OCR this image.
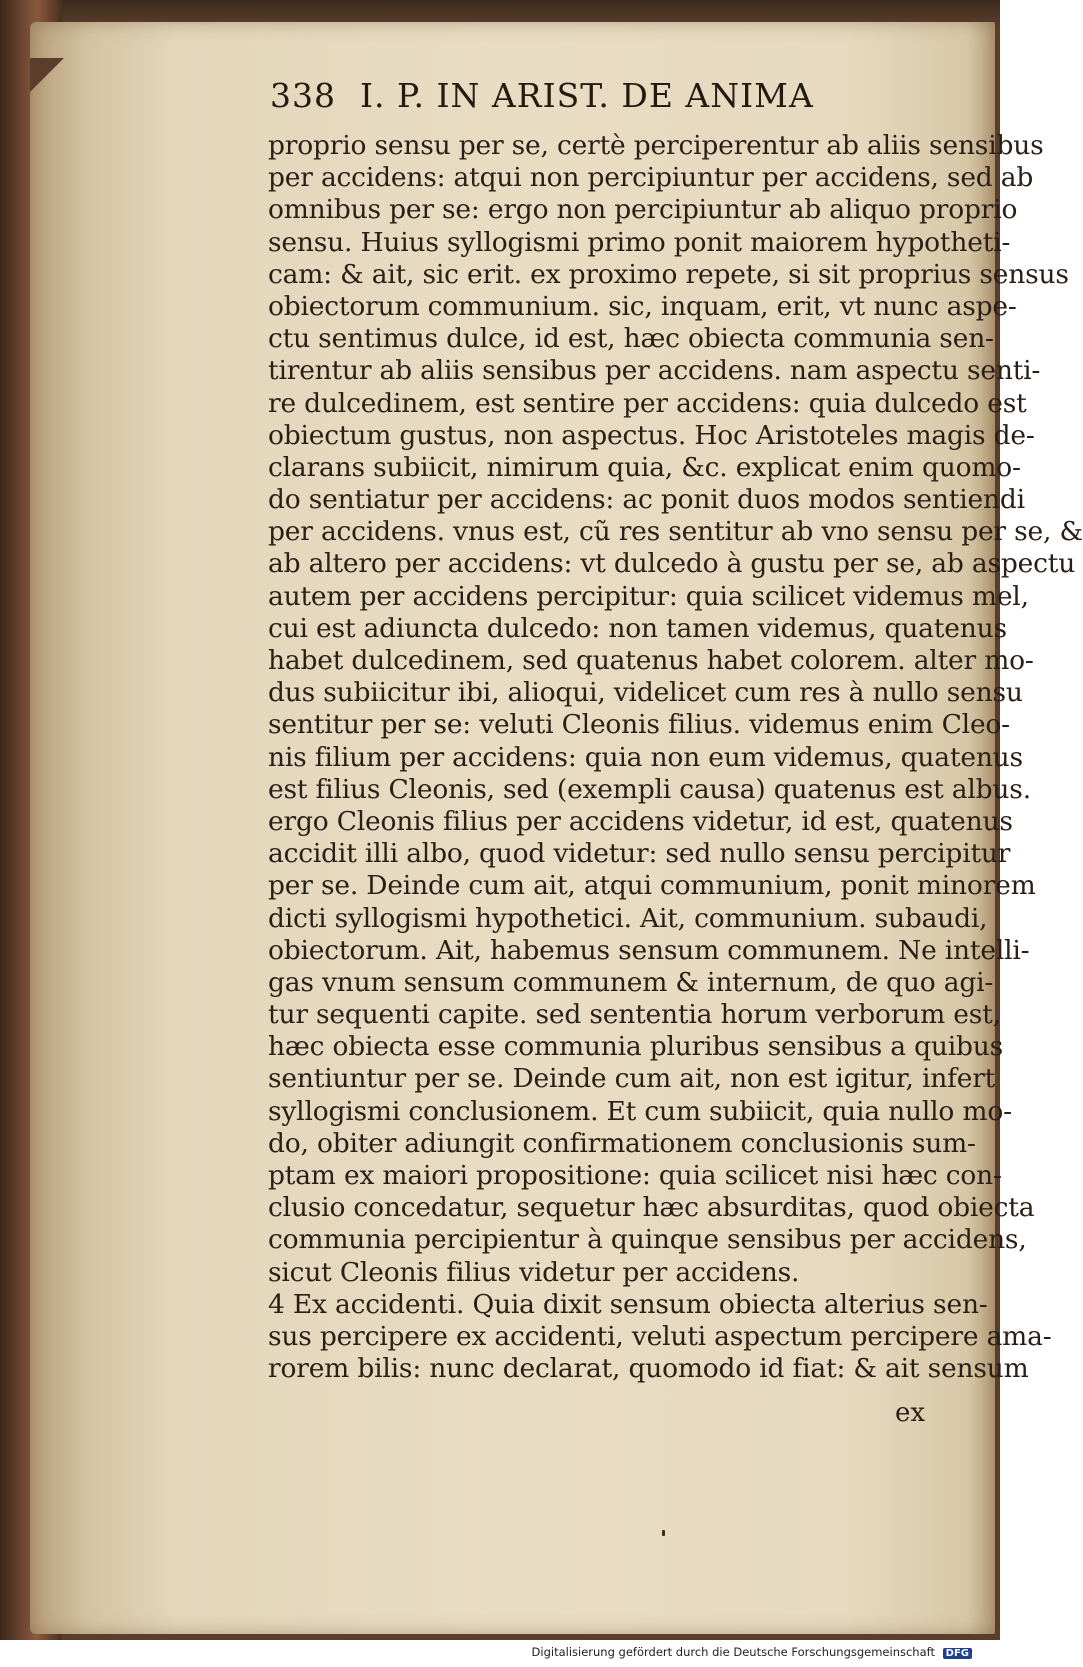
338 I. P. IN ARIST. DE ANIMA
proprio sensu per se, certè perciperentur ab aliis sensibus
per accidens: atqui non percipiuntur per accidens, sed ab
omnibus per se: ergo non percipiuntur ab aliquo proprio
sensu. Huius syllogismi primo ponit maiorem hypotheti-
cam: & ait, sic erit. ex proximo repete, si sit proprius sensus
obiectorum communium. sic, inquam, erit, vt nunc aspe-
ctu sentimus dulce, id est, hæc obiecta communia sen-
tirentur ab aliis sensibus per accidens. nam aspectu senti-
re dulcedinem, est sentire per accidens: quia dulcedo est
obiectum gustus, non aspectus. Hoc Aristoteles magis de-
clarans subiicit, nimirum quia, &c. explicat enim quomo-
do sentiatur per accidens: ac ponit duos modos sentiendi
per accidens. vnus est, cũ res sentitur ab vno sensu per se, &
ab altero per accidens: vt dulcedo à gustu per se, ab aspectu
autem per accidens percipitur: quia scilicet videmus mel,
cui est adiuncta dulcedo: non tamen videmus, quatenus
habet dulcedinem, sed quatenus habet colorem. alter mo-
dus subiicitur ibi, alioqui, videlicet cum res à nullo sensu
sentitur per se: veluti Cleonis filius. videmus enim Cleo-
nis filium per accidens: quia non eum videmus, quatenus
est filius Cleonis, sed (exempli causa) quatenus est albus.
ergo Cleonis filius per accidens videtur, id est, quatenus
accidit illi albo, quod videtur: sed nullo sensu percipitur
per se. Deinde cum ait, atqui communium, ponit minorem
dicti syllogismi hypothetici. Ait, communium. subaudi,
obiectorum. Ait, habemus sensum communem. Ne intelli-
gas vnum sensum communem & internum, de quo agi-
tur sequenti capite. sed sententia horum verborum est,
hæc obiecta esse communia pluribus sensibus a quibus
sentiuntur per se. Deinde cum ait, non est igitur, infert
syllogismi conclusionem. Et cum subiicit, quia nullo mo-
do, obiter adiungit confirmationem conclusionis sum-
ptam ex maiori propositione: quia scilicet nisi hæc con-
clusio concedatur, sequetur hæc absurditas, quod obiecta
communia percipientur à quinque sensibus per accidens,
sicut Cleonis filius videtur per accidens.
4 Ex accidenti. Quia dixit sensum obiecta alterius sen-
sus percipere ex accidenti, veluti aspectum percipere ama-
rorem bilis: nunc declarat, quomodo id fiat: & ait sensum
ex
Digitalisierung gefördert durch die Deutsche Forschungsgemeinschaft DFG
